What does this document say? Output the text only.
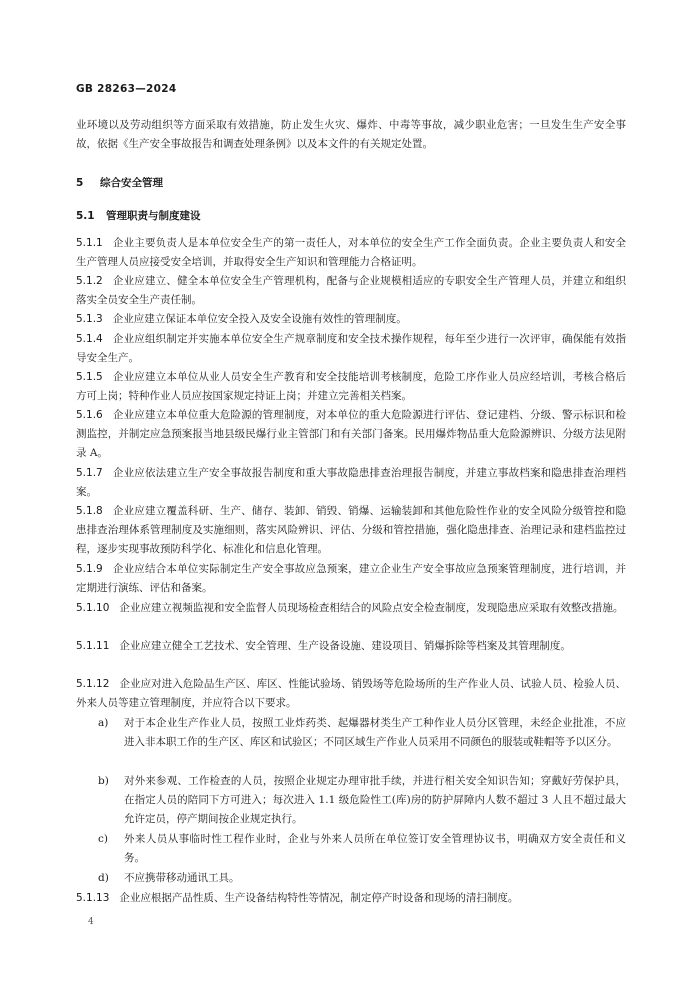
GB 28263—2024
业环境以及劳动组织等方面采取有效措施，防止发生火灾、爆炸、中毒等事故，减少职业危害；一旦发生生产安全事故，依据《生产安全事故报告和调查处理条例》以及本文件的有关规定处置。
5 综合安全管理
5.1 管理职责与制度建设
5.1.1 企业主要负责人是本单位安全生产的第一责任人，对本单位的安全生产工作全面负责。企业主要负责人和安全生产管理人员应接受安全培训，并取得安全生产知识和管理能力合格证明。
5.1.2 企业应建立、健全本单位安全生产管理机构，配备与企业规模相适应的专职安全生产管理人员，并建立和组织落实全员安全生产责任制。
5.1.3 企业应建立保证本单位安全投入及安全设施有效性的管理制度。
5.1.4 企业应组织制定并实施本单位安全生产规章制度和安全技术操作规程，每年至少进行一次评审，确保能有效指导安全生产。
5.1.5 企业应建立本单位从业人员安全生产教育和安全技能培训考核制度，危险工序作业人员应经培训，考核合格后方可上岗；特种作业人员应按国家规定持证上岗；并建立完善相关档案。
5.1.6 企业应建立本单位重大危险源的管理制度，对本单位的重大危险源进行评估、登记建档、分级、警示标识和检测监控，并制定应急预案报当地县级民爆行业主管部门和有关部门备案。民用爆炸物品重大危险源辨识、分级方法见附录 A。
5.1.7 企业应依法建立生产安全事故报告制度和重大事故隐患排查治理报告制度，并建立事故档案和隐患排查治理档案。
5.1.8 企业应建立覆盖科研、生产、储存、装卸、销毁、销爆、运输装卸和其他危险性作业的安全风险分级管控和隐患排查治理体系管理制度及实施细则，落实风险辨识、评估、分级和管控措施，强化隐患排查、治理记录和建档监控过程，逐步实现事故预防科学化、标准化和信息化管理。
5.1.9 企业应结合本单位实际制定生产安全事故应急预案，建立企业生产安全事故应急预案管理制度，进行培训，并定期进行演练、评估和备案。
5.1.10 企业应建立视频监视和安全监督人员现场检查相结合的风险点安全检查制度，发现隐患应采取有效整改措施。
5.1.11 企业应建立健全工艺技术、安全管理、生产设备设施、建设项目、销爆拆除等档案及其管理制度。
5.1.12 企业应对进入危险品生产区、库区、性能试验场、销毁场等危险场所的生产作业人员、试验人员、检验人员、外来人员等建立管理制度，并应符合以下要求。
a) 对于本企业生产作业人员，按照工业炸药类、起爆器材类生产工种作业人员分区管理，未经企业批准，不应进入非本职工作的生产区、库区和试验区；不同区域生产作业人员采用不同颜色的服装或鞋帽等予以区分。
b) 对外来参观、工作检查的人员，按照企业规定办理审批手续，并进行相关安全知识告知；穿戴好劳保护具，在指定人员的陪同下方可进入；每次进入 1.1 级危险性工(库)房的防护屏障内人数不超过 3 人且不超过最大允许定员，停产期间按企业规定执行。
c) 外来人员从事临时性工程作业时，企业与外来人员所在单位签订安全管理协议书，明确双方安全责任和义务。
d) 不应携带移动通讯工具。
5.1.13 企业应根据产品性质、生产设备结构特性等情况，制定停产时设备和现场的清扫制度。
4
